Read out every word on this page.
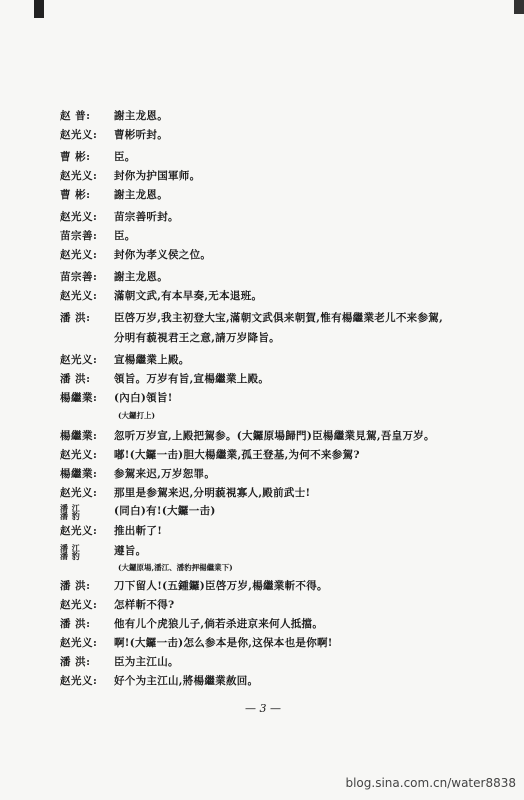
赵 普:	謝主龙恩。
赵光义:	曹彬听封。
曹 彬:	臣。
赵光义:	封你为护国軍师。
曹 彬:	謝主龙恩。
赵光义:	苗宗善听封。
苗宗善:	臣。
赵光义:	封你为孝义侯之位。
苗宗善:	謝主龙恩。
赵光义:	滿朝文武,有本早奏,无本退班。
潘 洪:	臣啓万岁,我主初登大宝,滿朝文武俱来朝賀,惟有楊繼業老儿不来参駕,
分明有藐視君王之意,請万岁降旨。
赵光义:	宣楊繼業上殿。
潘 洪:	領旨。万岁有旨,宣楊繼業上殿。
楊繼業:	(內白)領旨!
(大鑼打上)
楊繼業:	忽听万岁宣,上殿把駕参。(大鑼原場歸門)臣楊繼業見駕,吾皇万岁。
赵光义:	嘟!(大鑼一击)胆大楊繼業,孤王登基,为何不来参駕?
楊繼業:	参駕来迟,万岁恕罪。
赵光义:	那里是参駕来迟,分明藐視寡人,殿前武士!
潘 江
潘 豹	(同白)有!(大鑼一击)
赵光义:	推出斬了!
潘 江
潘 豹	遵旨。
(大鑼原場,潘江、潘豹押楊繼業下)
潘 洪:	刀下留人!(五鍾鑼)臣啓万岁,楊繼業斬不得。
赵光义:	怎样斬不得?
潘 洪:	他有儿个虎狼儿子,倘若杀进京来何人抵擋。
赵光义:	啊!(大鑼一击)怎么参本是你,这保本也是你啊!
潘 洪:	臣为主江山。
赵光义:	好个为主江山,將楊繼業赦回。
— 3 —
blog.sina.com.cn/water8838
